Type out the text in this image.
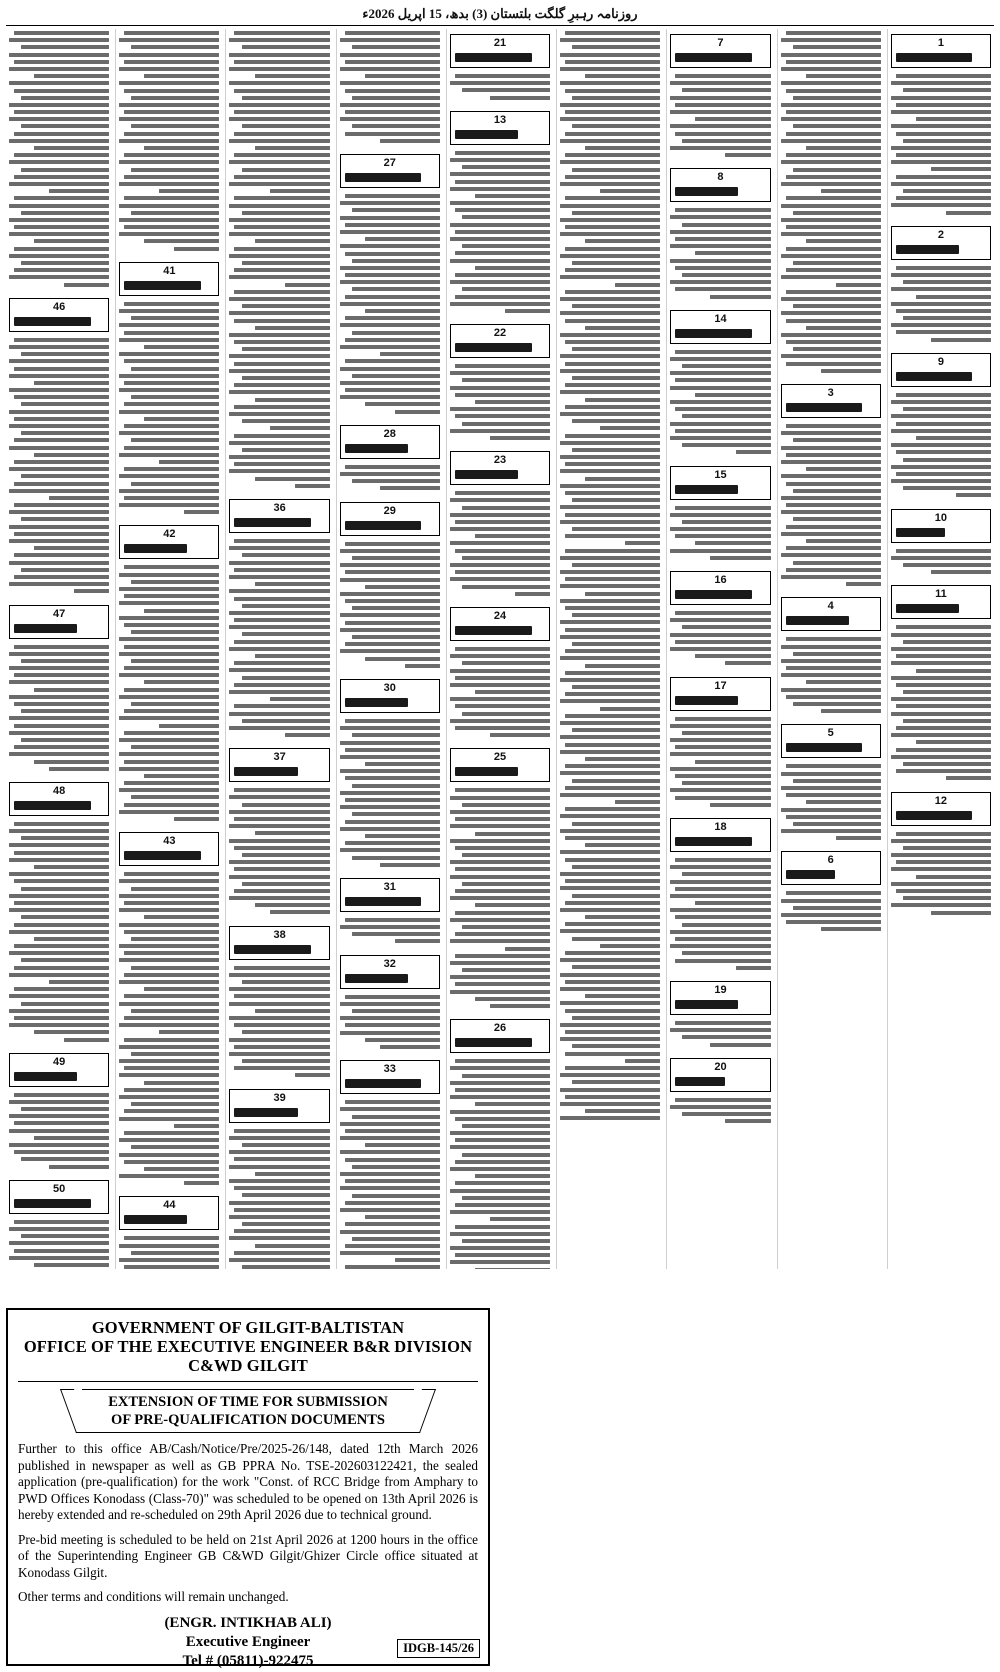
روزنامہ رہبرِ گلگت بلتستان (3) بدھ، 15 اپریل 2026ء
1
2
9
10
11
12
3
4
5
6
7
8
14
15
16
17
18
19
20
21
13
22
23
24
25
26
27
28
29
30
31
32
33
36
37
38
39
41
42
43
44
46
47
48
49
50
GOVERNMENT OF GILGIT-BALTISTAN
OFFICE OF THE EXECUTIVE ENGINEER B&R DIVISION
C&WD GILGIT
EXTENSION OF TIME FOR SUBMISSION
OF PRE-QUALIFICATION DOCUMENTS

Further to this office AB/Cash/Notice/Pre/2025-26/148, dated 12th March 2026 published in newspaper as well as GB PPRA No. TSE-202603122421, the sealed application (pre-qualification) for the work "Const. of RCC Bridge from Amphary to PWD Offices Konodass (Class-70)" was scheduled to be opened on 13th April 2026 is hereby extended and re-scheduled on 29th April 2026 due to technical ground.

Pre-bid meeting is scheduled to be held on 21st April 2026 at 1200 hours in the office of the Superintending Engineer GB C&WD Gilgit/Ghizer Circle office situated at Konodass Gilgit.

Other terms and conditions will remain unchanged.

(ENGR. INTIKHAB ALI)
Executive Engineer
Tel # (05811)-922475
IDGB-145/26
